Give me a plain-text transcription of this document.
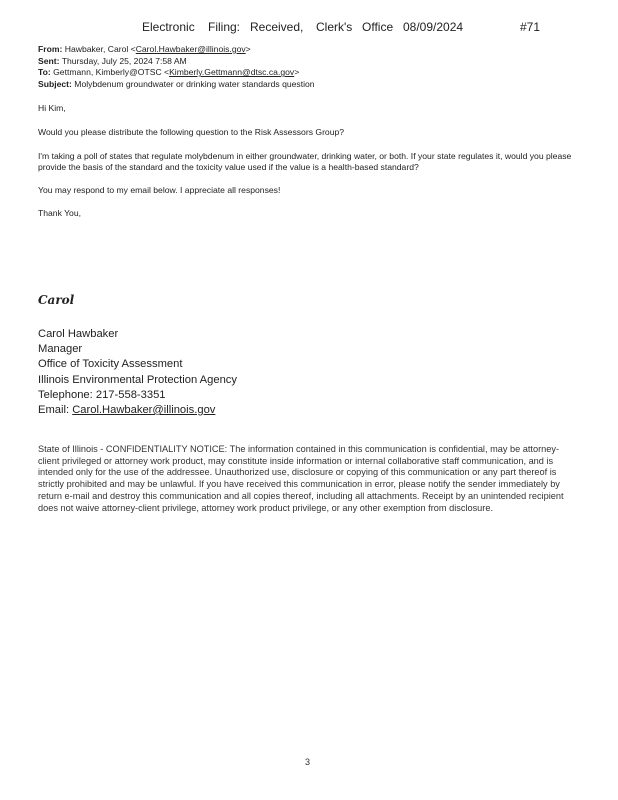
Electronic Filing: Received, Clerk's Office 08/09/2024	#71
From: Hawbaker, Carol <Carol.Hawbaker@illinois.gov>
Sent: Thursday, July 25, 2024 7:58 AM
To: Gettmann, Kimberly@OTSC <Kimberly.Gettmann@dtsc.ca.gov>
Subject: Molybdenum groundwater or drinking water standards question

Hi Kim,

Would you please distribute the following question to the Risk Assessors Group?

I'm taking a poll of states that regulate molybdenum in either groundwater, drinking water, or both. If your state regulates it, would you please provide the basis of the standard and the toxicity value used if the value is a health-based standard?

You may respond to my email below. I appreciate all responses!

Thank You,

Carol
Carol Hawbaker
Manager
Office of Toxicity Assessment
Illinois Environmental Protection Agency
Telephone: 217-558-3351
Email: Carol.Hawbaker@illinois.gov
State of Illinois - CONFIDENTIALITY NOTICE: The information contained in this communication is confidential, may be attorney-client privileged or attorney work product, may constitute inside information or internal collaborative staff communication, and is intended only for the use of the addressee. Unauthorized use, disclosure or copying of this communication or any part thereof is strictly prohibited and may be unlawful. If you have received this communication in error, please notify the sender immediately by return e-mail and destroy this communication and all copies thereof, including all attachments. Receipt by an unintended recipient does not waive attorney-client privilege, attorney work product privilege, or any other exemption from disclosure.
3
